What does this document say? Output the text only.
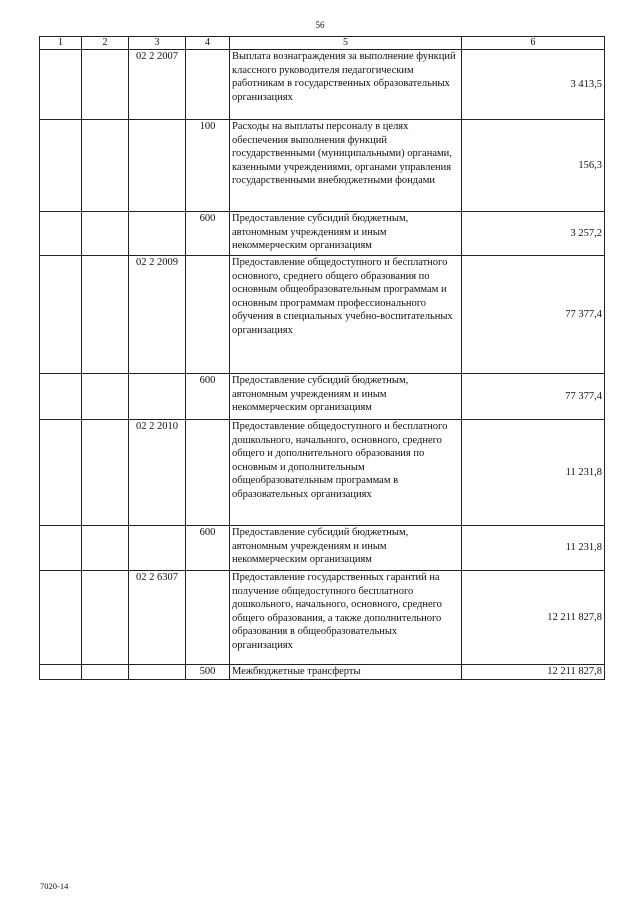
56
1	2	3	4	5	6
		02 2 2007		Выплата вознаграждения за выполнение функций классного руководителя педагогическим работникам в государственных образовательных организациях	3 413,5
			100	Расходы на выплаты персоналу в целях обеспечения выполнения функций государственными (муниципальными) органами, казенными учреждениями, органами управления государственными внебюджетными фондами	156,3
			600	Предоставление субсидий бюджетным, автономным учреждениям и иным некоммерческим организациям	3 257,2
		02 2 2009		Предоставление общедоступного и бесплатного основного, среднего общего образования по основным общеобразовательным программам и основным программам профессионального обучения в специальных учебно-воспитательных организациях	77 377,4
			600	Предоставление субсидий бюджетным, автономным учреждениям и иным некоммерческим организациям	77 377,4
		02 2 2010		Предоставление общедоступного и бесплатного дошкольного, начального, основного, среднего общего и дополнительного образования по основным и дополнительным общеобразовательным программам в образовательных организациях	11 231,8
			600	Предоставление субсидий бюджетным, автономным учреждениям и иным некоммерческим организациям	11 231,8
		02 2 6307		Предоставление государственных гарантий на получение общедоступного бесплатного дошкольного, начального, основного, среднего общего образования, а также дополнительного образования в общеобразовательных организациях	12 211 827,8
			500	Межбюджетные трансферты	12 211 827,8
7020-14
